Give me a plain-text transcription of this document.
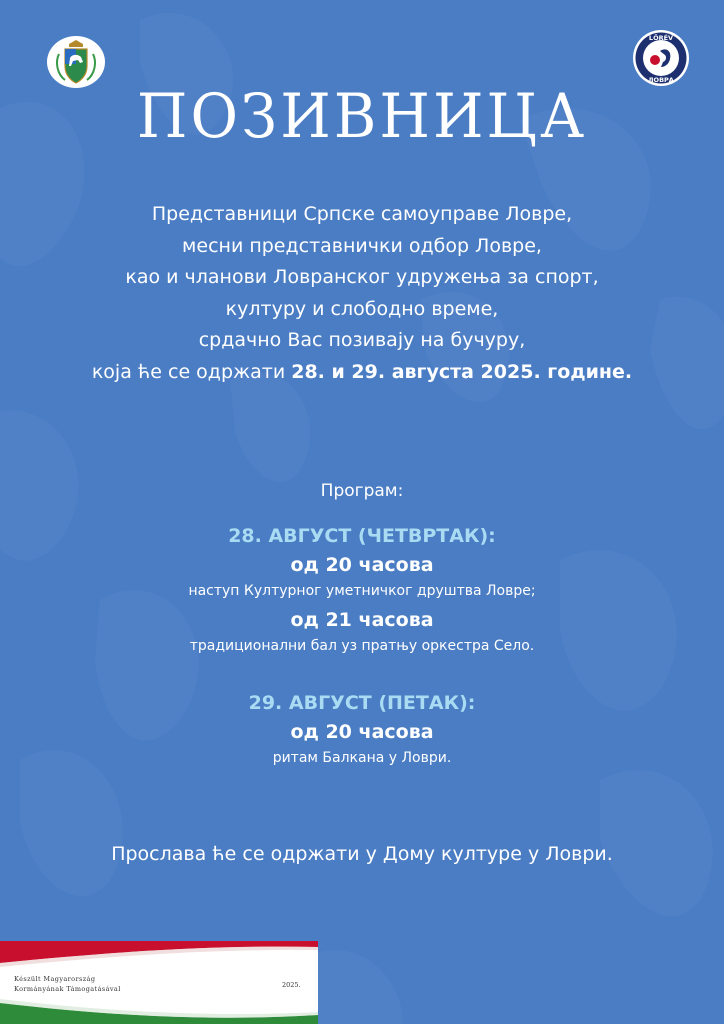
LŐRÉV
ЛОВРА
ПОЗИВНИЦА
Представници Српске самоуправе Ловре,
месни представнички одбор Ловре,
као и чланови Ловранског удружења за спорт,
културу и слободно време,
срдачно Вас позивају на бучуру,
која ће се одржати 28. и 29. августа 2025. године.
Програм:
28. АВГУСТ (ЧЕТВРТАК):
од 20 часова
наступ Културног уметничког друштва Ловре;
од 21 часова
традиционални бал уз пратњу оркестра Село.
29. АВГУСТ (ПЕТАК):
од 20 часова
ритам Балкана у Ловри.
Прослава ће се одржати у Дому културе у Ловри.
Készült Magyarország
Kormányának Támogatásával	2025.
